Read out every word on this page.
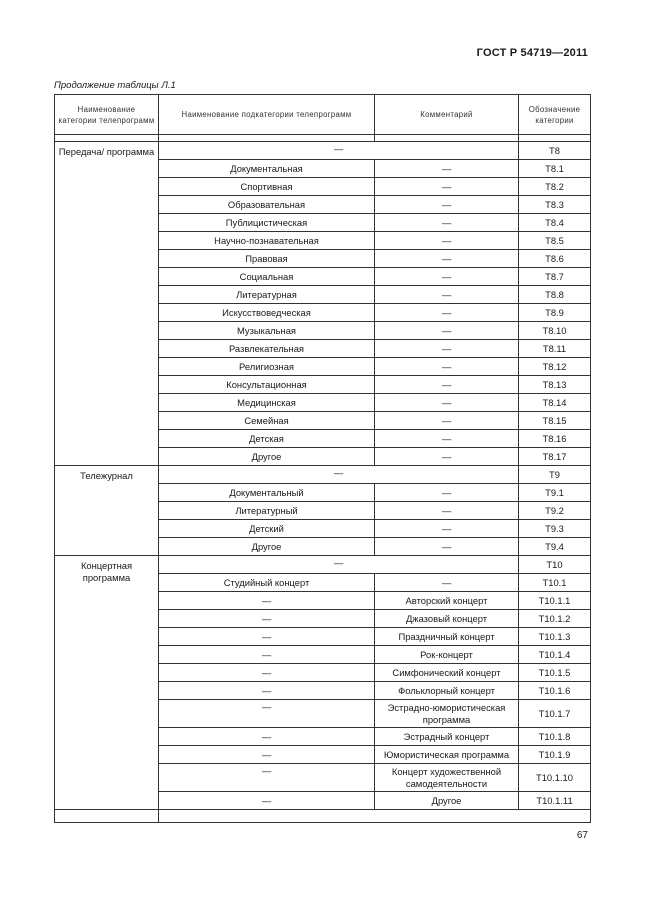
ГОСТ Р 54719—2011
Продолжение таблицы Л.1
Наименование категории телепрограмм	Наименование подкатегории телепрограмм	Комментарий	Обозначение категории

Передача/ программа	—		T8
	Документальная	—	T8.1
	Спортивная	—	T8.2
	Образовательная	—	T8.3
	Публицистическая	—	T8.4
	Научно-познавательная	—	T8.5
	Правовая	—	T8.6
	Социальная	—	T8.7
	Литературная	—	T8.8
	Искусствоведческая	—	T8.9
	Музыкальная	—	T8.10
	Развлекательная	—	T8.11
	Религиозная	—	T8.12
	Консультационная	—	T8.13
	Медицинская	—	T8.14
	Семейная	—	T8.15
	Детская	—	T8.16
	Другое	—	T8.17
Тележурнал	—		T9
	Документальный	—	T9.1
	Литературный	—	T9.2
	Детский	—	T9.3
	Другое	—	T9.4
Концертная программа	—		T10
	Студийный концерт	—	T10.1
	—	Авторский концерт	T10.1.1
	—	Джазовый концерт	T10.1.2
	—	Праздничный концерт	T10.1.3
	—	Рок-концерт	T10.1.4
	—	Симфонический концерт	T10.1.5
	—	Фольклорный концерт	T10.1.6
	—	Эстрадно-юмористическая программа	T10.1.7
	—	Эстрадный концерт	T10.1.8
	—	Юмористическая программа	T10.1.9
	—	Концерт художественной самодеятельности	T10.1.10
	—	Другое	T10.1.11

67
